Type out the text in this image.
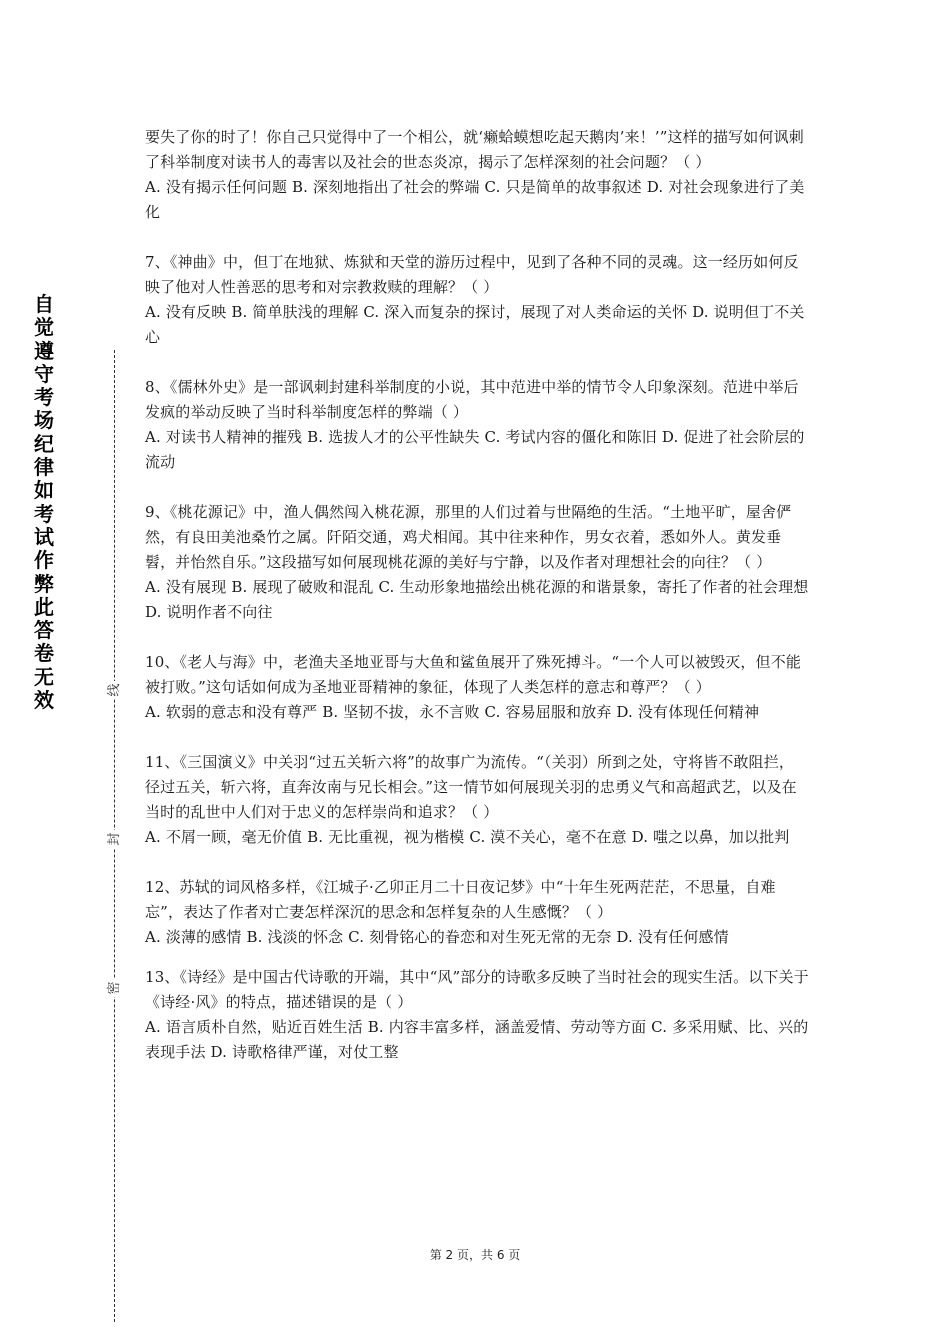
自
觉
遵
守
考
场
纪
律
如
考
试
作
弊
此
答
卷
无
效	线
封
密

要失了你的时了！你自己只觉得中了一个相公，就‘癞蛤蟆想吃起天鹅肉’来！’”这样的描写如何讽刺了科举制度对读书人的毒害以及社会的世态炎凉，揭示了怎样深刻的社会问题？（ ）

A. 没有揭示任何问题 B. 深刻地指出了社会的弊端 C. 只是简单的故事叙述 D. 对社会现象进行了美化

7、《神曲》中，但丁在地狱、炼狱和天堂的游历过程中，见到了各种不同的灵魂。这一经历如何反映了他对人性善恶的思考和对宗教救赎的理解？（ ）

A. 没有反映 B. 简单肤浅的理解 C. 深入而复杂的探讨，展现了对人类命运的关怀 D. 说明但丁不关心

8、《儒林外史》是一部讽刺封建科举制度的小说，其中范进中举的情节令人印象深刻。范进中举后发疯的举动反映了当时科举制度怎样的弊端（ ）

A. 对读书人精神的摧残 B. 选拔人才的公平性缺失 C. 考试内容的僵化和陈旧 D. 促进了社会阶层的流动

9、《桃花源记》中，渔人偶然闯入桃花源，那里的人们过着与世隔绝的生活。“土地平旷，屋舍俨然，有良田美池桑竹之属。阡陌交通，鸡犬相闻。其中往来种作，男女衣着，悉如外人。黄发垂髫，并怡然自乐。”这段描写如何展现桃花源的美好与宁静，以及作者对理想社会的向往？（ ）

A. 没有展现 B. 展现了破败和混乱 C. 生动形象地描绘出桃花源的和谐景象，寄托了作者的社会理想 D. 说明作者不向往

10、《老人与海》中，老渔夫圣地亚哥与大鱼和鲨鱼展开了殊死搏斗。“一个人可以被毁灭，但不能被打败。”这句话如何成为圣地亚哥精神的象征，体现了人类怎样的意志和尊严？（ ）

A. 软弱的意志和没有尊严 B. 坚韧不拔，永不言败 C. 容易屈服和放弃 D. 没有体现任何精神

11、《三国演义》中关羽“过五关斩六将”的故事广为流传。“（关羽）所到之处，守将皆不敢阻拦，径过五关，斩六将，直奔汝南与兄长相会。”这一情节如何展现关羽的忠勇义气和高超武艺，以及在当时的乱世中人们对于忠义的怎样崇尚和追求？（ ）

A. 不屑一顾，毫无价值 B. 无比重视，视为楷模 C. 漠不关心，毫不在意 D. 嗤之以鼻，加以批判

12、苏轼的词风格多样，《江城子·乙卯正月二十日夜记梦》中“十年生死两茫茫，不思量，自难忘”，表达了作者对亡妻怎样深沉的思念和怎样复杂的人生感慨？（ ）

A. 淡薄的感情 B. 浅淡的怀念 C. 刻骨铭心的眷恋和对生死无常的无奈 D. 没有任何感情

13、《诗经》是中国古代诗歌的开端，其中“风”部分的诗歌多反映了当时社会的现实生活。以下关于《诗经·风》的特点，描述错误的是（ ）

A. 语言质朴自然，贴近百姓生活 B. 内容丰富多样，涵盖爱情、劳动等方面 C. 多采用赋、比、兴的表现手法 D. 诗歌格律严谨，对仗工整

第 2 页，共 6 页
